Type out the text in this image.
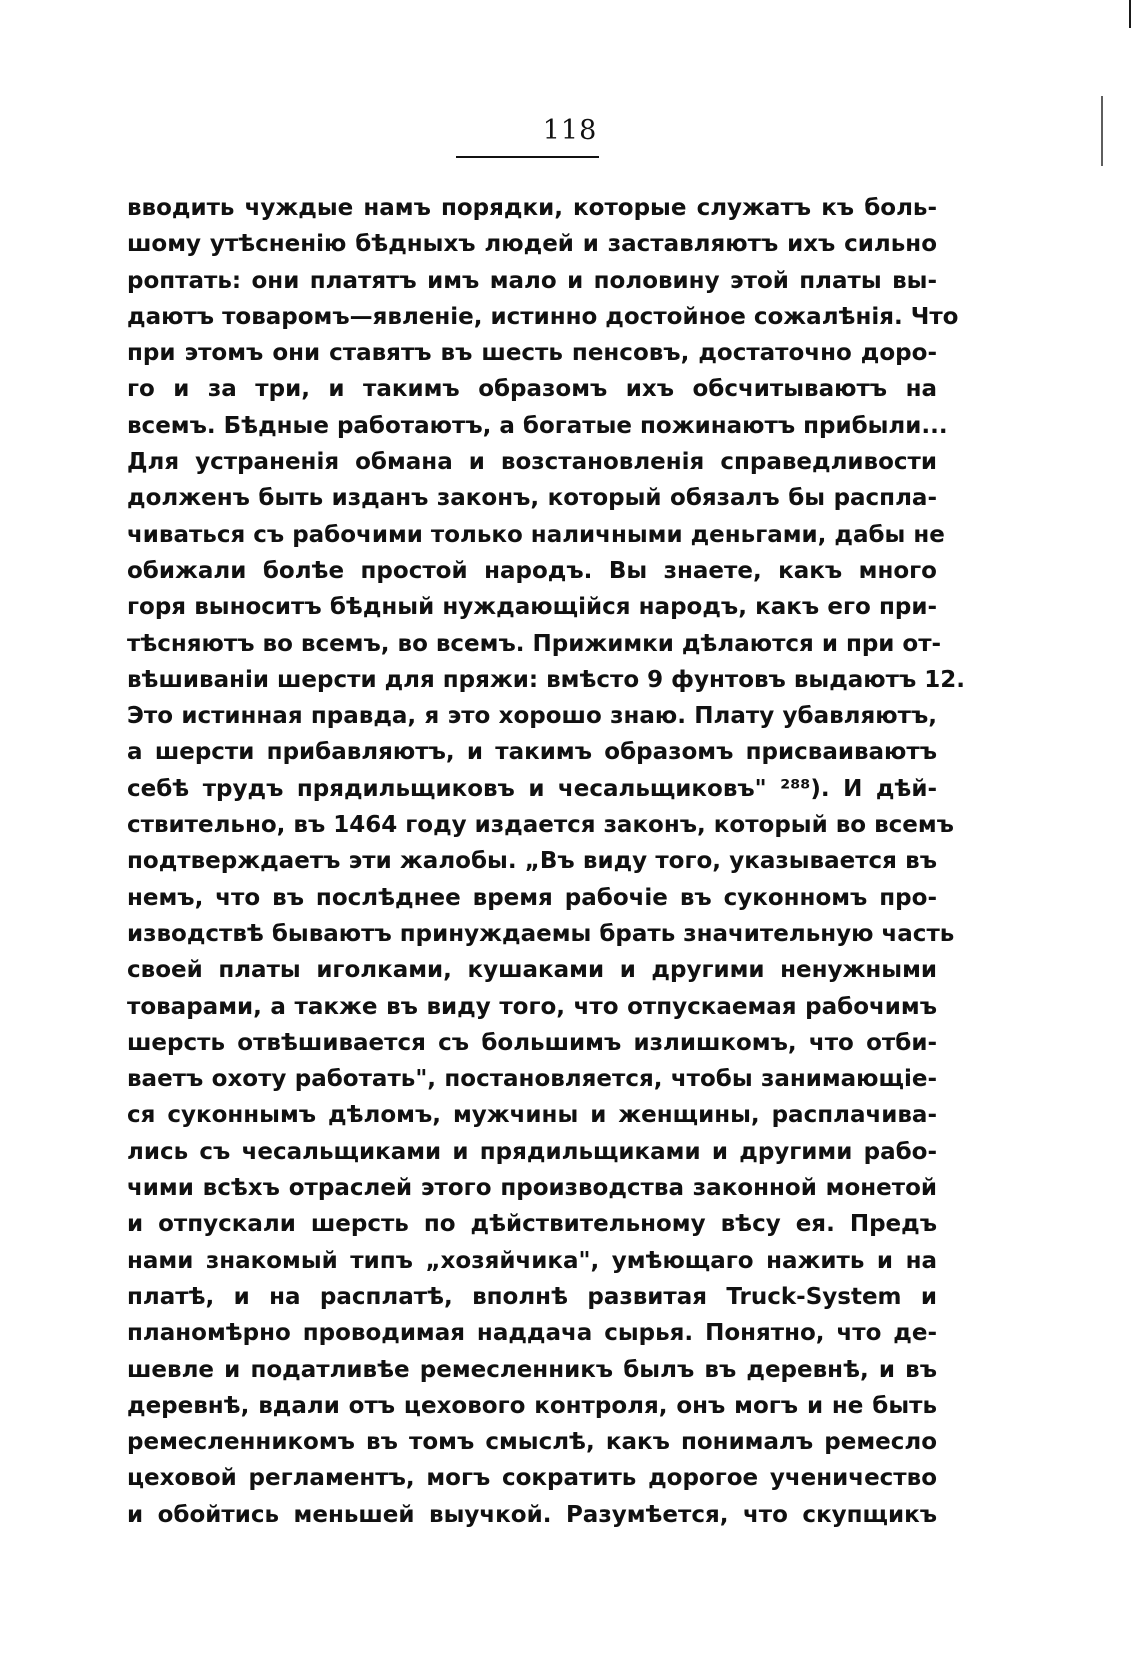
118
вводить чуждые намъ порядки, которые служатъ къ боль-
шому утѣсненію бѣдныхъ людей и заставляютъ ихъ сильно
роптать: они платятъ имъ мало и половину этой платы вы-
даютъ товаромъ—явленіе, истинно достойное сожалѣнія. Что
при этомъ они ставятъ въ шесть пенсовъ, достаточно доро-
го и за три, и такимъ образомъ ихъ обсчитываютъ на
всемъ. Бѣдные работаютъ, а богатые пожинаютъ прибыли...
Для устраненія обмана и возстановленія справедливости
долженъ быть изданъ законъ, который обязалъ бы распла-
чиваться съ рабочими только наличными деньгами, дабы не
обижали болѣе простой народъ. Вы знаете, какъ много
горя выноситъ бѣдный нуждающійся народъ, какъ его при-
тѣсняютъ во всемъ, во всемъ. Прижимки дѣлаются и при от-
вѣшиваніи шерсти для пряжи: вмѣсто 9 фунтовъ выдаютъ 12.
Это истинная правда, я это хорошо знаю. Плату убавляютъ,
а шерсти прибавляютъ, и такимъ образомъ присваиваютъ
себѣ трудъ прядильщиковъ и чесальщиковъ" ²⁸⁸). И дѣй-
ствительно, въ 1464 году издается законъ, который во всемъ
подтверждаетъ эти жалобы. „Въ виду того, указывается въ
немъ, что въ послѣднее время рабочіе въ суконномъ про-
изводствѣ бываютъ принуждаемы брать значительную часть
своей платы иголками, кушаками и другими ненужными
товарами, а также въ виду того, что отпускаемая рабочимъ
шерсть отвѣшивается съ большимъ излишкомъ, что отби-
ваетъ охоту работать", постановляется, чтобы занимающіе-
ся суконнымъ дѣломъ, мужчины и женщины, расплачива-
лись съ чесальщиками и прядильщиками и другими рабо-
чими всѣхъ отраслей этого производства законной монетой
и отпускали шерсть по дѣйствительному вѣсу ея. Предъ
нами знакомый типъ „хозяйчика", умѣющаго нажить и на
платѣ, и на расплатѣ, вполнѣ развитая Truck-System и
планомѣрно проводимая наддача сырья. Понятно, что де-
шевле и податливѣе ремесленникъ былъ въ деревнѣ, и въ
деревнѣ, вдали отъ цехового контроля, онъ могъ и не быть
ремесленникомъ въ томъ смыслѣ, какъ понималъ ремесло
цеховой регламентъ, могъ сократить дорогое ученичество
и обойтись меньшей выучкой. Разумѣется, что скупщикъ
